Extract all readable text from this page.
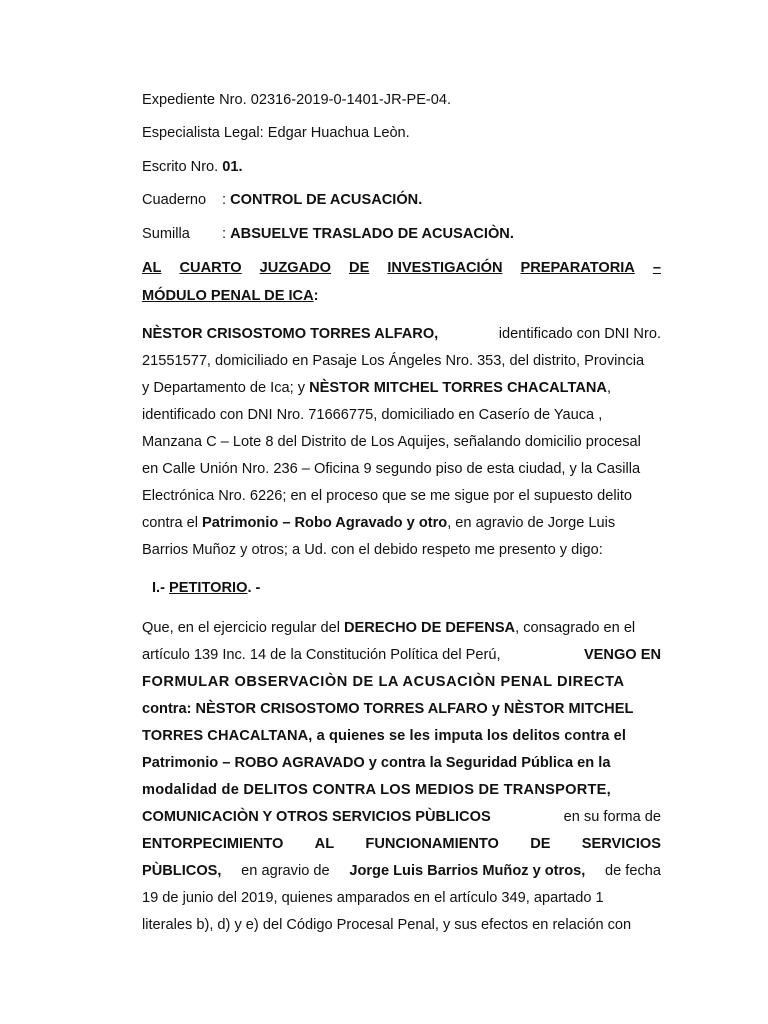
Expediente Nro. 02316-2019-0-1401-JR-PE-04.
Especialista Legal: Edgar Huachua Leòn.
Escrito Nro. 01.
Cuaderno : CONTROL DE ACUSACIÓN.
Sumilla : ABSUELVE TRASLADO DE ACUSACIÒN.
AL CUARTO JUZGADO DE INVESTIGACIÓN PREPARATORIA –
MÓDULO PENAL DE ICA:
NÈSTOR CRISOSTOMO TORRES ALFARO,	identificado con DNI Nro.
21551577, domiciliado en Pasaje Los Ángeles Nro. 353, del distrito, Provincia
y Departamento de Ica; y NÈSTOR MITCHEL TORRES CHACALTANA,
identificado con DNI Nro. 71666775, domiciliado en Caserío de Yauca ,
Manzana C – Lote 8 del Distrito de Los Aquijes, señalando domicilio procesal
en Calle Unión Nro. 236 – Oficina 9 segundo piso de esta ciudad, y la Casilla
Electrónica Nro. 6226; en el proceso que se me sigue por el supuesto delito
contra el Patrimonio – Robo Agravado y otro, en agravio de Jorge Luis
Barrios Muñoz y otros; a Ud. con el debido respeto me presento y digo:
I.- PETITORIO. -
Que, en el ejercicio regular del DERECHO DE DEFENSA, consagrado en el
artículo 139 Inc. 14 de la Constitución Política del Perú,	VENGO EN
FORMULAR OBSERVACIÒN DE LA ACUSACIÒN PENAL DIRECTA
contra: NÈSTOR CRISOSTOMO TORRES ALFARO y NÈSTOR MITCHEL
TORRES CHACALTANA, a quienes se les imputa los delitos contra el
Patrimonio – ROBO AGRAVADO y contra la Seguridad Pública en la
modalidad de DELITOS CONTRA LOS MEDIOS DE TRANSPORTE,
COMUNICACIÒN Y OTROS SERVICIOS PÙBLICOS	en su forma de
ENTORPECIMIENTO AL FUNCIONAMIENTO DE SERVICIOS
PÙBLICOS, en agravio de Jorge Luis Barrios Muñoz y otros, de fecha
19 de junio del 2019, quienes amparados en el artículo 349, apartado 1
literales b), d) y e) del Código Procesal Penal, y sus efectos en relación con
